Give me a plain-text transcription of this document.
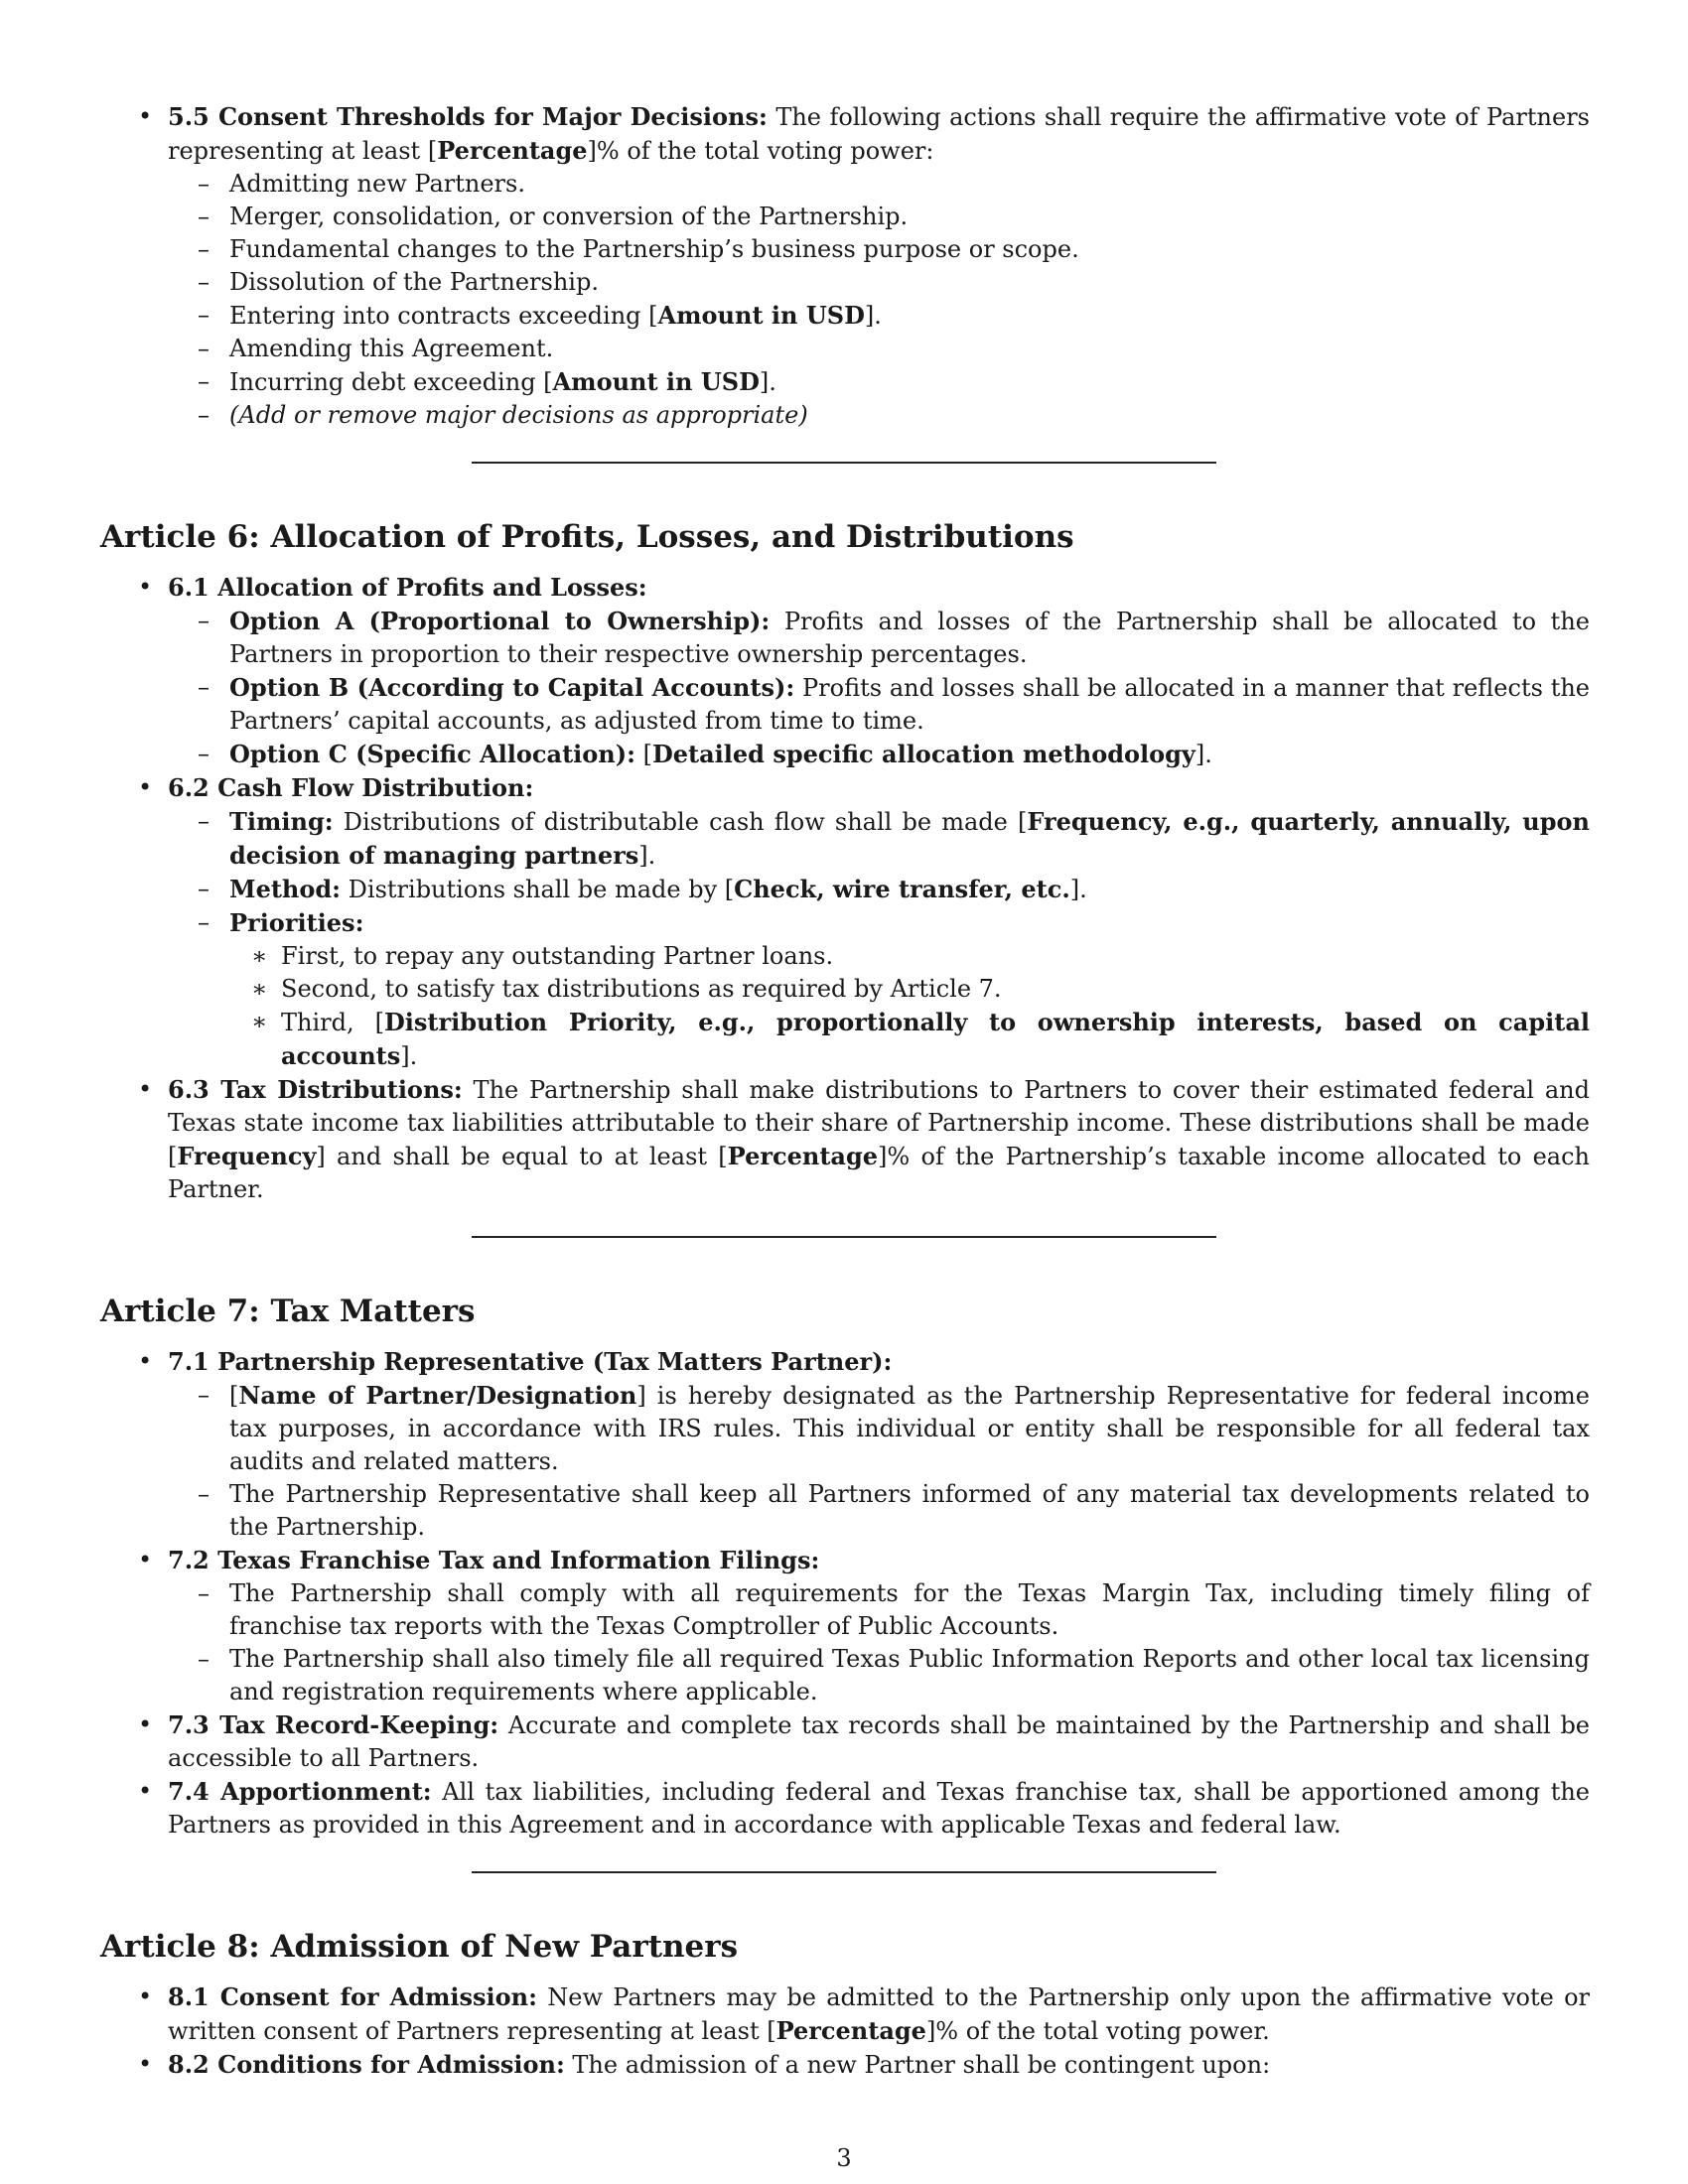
• 5.5 Consent Thresholds for Major Decisions: The following actions shall require the affirmative vote of Partners representing at least [Percentage]% of the total voting power:
– Admitting new Partners.
– Merger, consolidation, or conversion of the Partnership.
– Fundamental changes to the Partnership’s business purpose or scope.
– Dissolution of the Partnership.
– Entering into contracts exceeding [Amount in USD].
– Amending this Agreement.
– Incurring debt exceeding [Amount in USD].
– (Add or remove major decisions as appropriate)
Article 6: Allocation of Profits, Losses, and Distributions
• 6.1 Allocation of Profits and Losses:
– Option A (Proportional to Ownership): Profits and losses of the Partnership shall be allocated to the Partners in proportion to their respective ownership percentages.
– Option B (According to Capital Accounts): Profits and losses shall be allocated in a manner that reflects the Partners’ capital accounts, as adjusted from time to time.
– Option C (Specific Allocation): [Detailed specific allocation methodology].
• 6.2 Cash Flow Distribution:
– Timing: Distributions of distributable cash flow shall be made [Frequency, e.g., quarterly, annually, upon decision of managing partners].
– Method: Distributions shall be made by [Check, wire transfer, etc.].
– Priorities:
∗ First, to repay any outstanding Partner loans.
∗ Second, to satisfy tax distributions as required by Article 7.
∗ Third, [Distribution Priority, e.g., proportionally to ownership interests, based on capital accounts].
• 6.3 Tax Distributions: The Partnership shall make distributions to Partners to cover their estimated federal and Texas state income tax liabilities attributable to their share of Partnership income. These distributions shall be made [Frequency] and shall be equal to at least [Percentage]% of the Partnership’s taxable income allocated to each Partner.
Article 7: Tax Matters
• 7.1 Partnership Representative (Tax Matters Partner):
– [Name of Partner/Designation] is hereby designated as the Partnership Representative for federal income tax purposes, in accordance with IRS rules. This individual or entity shall be responsible for all federal tax audits and related matters.
– The Partnership Representative shall keep all Partners informed of any material tax developments related to the Partnership.
• 7.2 Texas Franchise Tax and Information Filings:
– The Partnership shall comply with all requirements for the Texas Margin Tax, including timely filing of franchise tax reports with the Texas Comptroller of Public Accounts.
– The Partnership shall also timely file all required Texas Public Information Reports and other local tax licensing and registration requirements where applicable.
• 7.3 Tax Record-Keeping: Accurate and complete tax records shall be maintained by the Partnership and shall be accessible to all Partners.
• 7.4 Apportionment: All tax liabilities, including federal and Texas franchise tax, shall be apportioned among the Partners as provided in this Agreement and in accordance with applicable Texas and federal law.
Article 8: Admission of New Partners
• 8.1 Consent for Admission: New Partners may be admitted to the Partnership only upon the affirmative vote or written consent of Partners representing at least [Percentage]% of the total voting power.
• 8.2 Conditions for Admission: The admission of a new Partner shall be contingent upon:
3
